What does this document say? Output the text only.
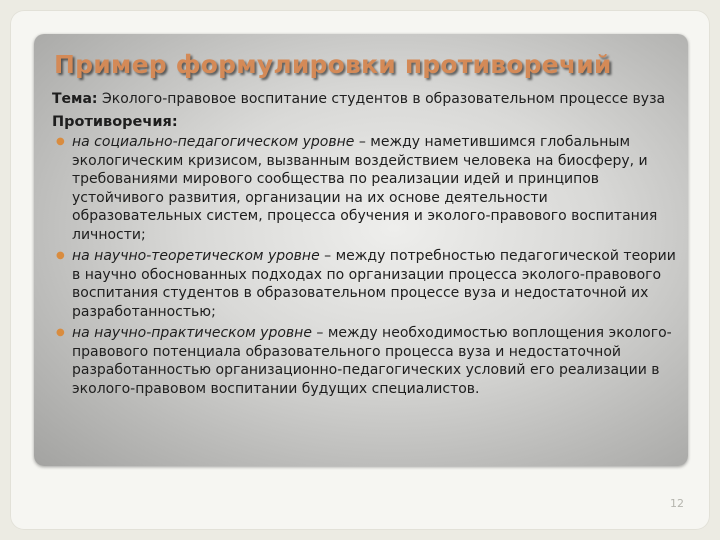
Пример формулировки противоречий

Тема: Эколого-правовое воспитание студентов в образовательном процессе вуза

Противоречия:

● на социально-педагогическом уровне – между наметившимся глобальным экологическим кризисом, вызванным воздействием человека на биосферу, и требованиями мирового сообщества по реализации идей и принципов устойчивого развития, организации на их основе деятельности образовательных систем, процесса обучения и эколого-правового воспитания личности;
● на научно-теоретическом уровне – между потребностью педагогической теории в научно обоснованных подходах по организации процесса эколого-правового воспитания студентов в образовательном процессе вуза и недостаточной их разработанностью;
● на научно-практическом уровне – между необходимостью воплощения эколого-правового потенциала образовательного процесса вуза и недостаточной разработанностью организационно-педагогических условий его реализации в эколого-правовом воспитании будущих специалистов.
12
